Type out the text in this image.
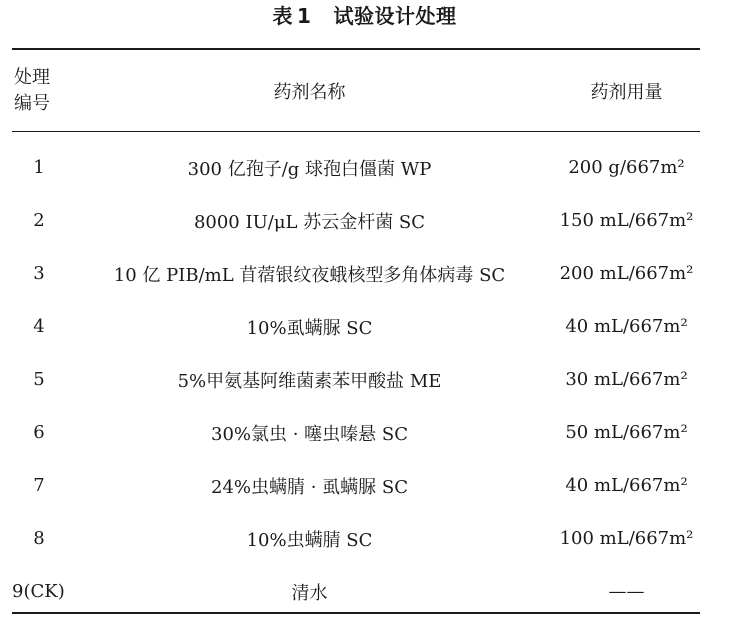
表 1 试验设计处理
处理
编号	药剂名称	药剂用量

1	300 亿孢子/g 球孢白僵菌 WP	200 g/667m²
2	8000 IU/μL 苏云金杆菌 SC	150 mL/667m²
3	10 亿 PIB/mL 苜蓿银纹夜蛾核型多角体病毒 SC	200 mL/667m²
4	10%虱螨脲 SC	40 mL/667m²
5	5%甲氨基阿维菌素苯甲酸盐 ME	30 mL/667m²
6	30%氯虫 · 噻虫嗪悬 SC	50 mL/667m²
7	24%虫螨腈 · 虱螨脲 SC	40 mL/667m²
8	10%虫螨腈 SC	100 mL/667m²
9(CK)	清水	——
